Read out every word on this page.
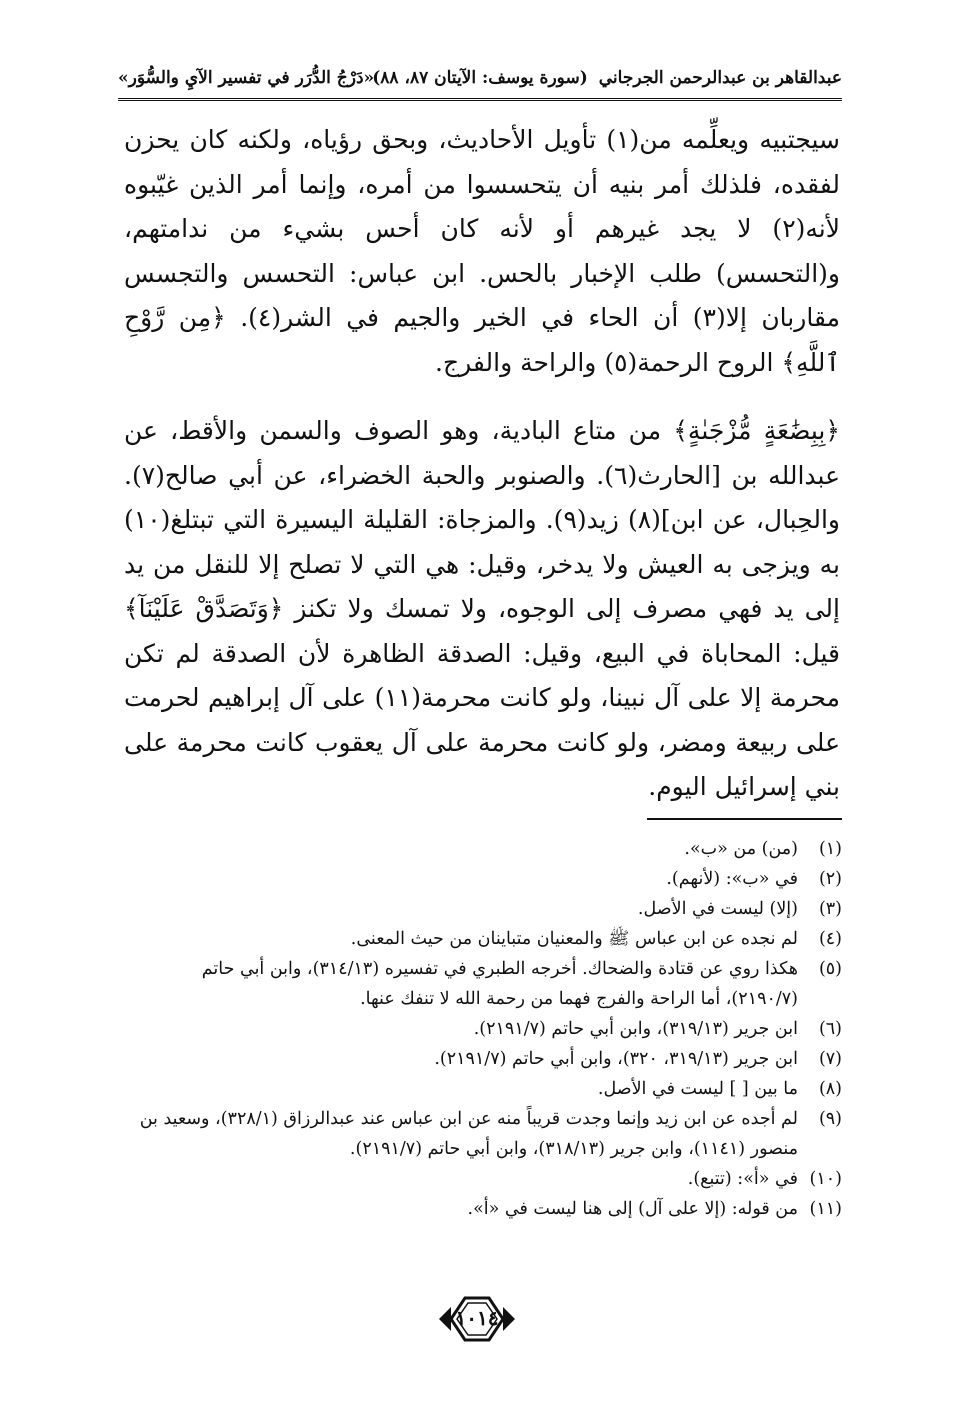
عبدالقاهر بن عبدالرحمن الجرجاني
(سورة يوسف: الآيتان ٨٧، ٨٨)
«دَرْجُ الدُّرَر في تفسير الآيِ والسُّوَر»

سيجتبيه ويعلِّمه من(١) تأويل الأحاديث، وبحق رؤياه، ولكنه كان يحزن لفقده، فلذلك أمر بنيه أن يتحسسوا من أمره، وإنما أمر الذين غيّبوه لأنه(٢) لا يجد غيرهم أو لأنه كان أحس بشيء من ندامتهم، و(التحسس) طلب الإخبار بالحس. ابن عباس: التحسس والتجسس مقاربان إلا(٣) أن الحاء في الخير والجيم في الشر(٤). ﴿مِن رَّوْحِ ٱللَّهِ﴾ الروح الرحمة(٥) والراحة والفرج.

﴿بِبِضَٰعَةٍ مُّزْجَىٰةٍ﴾ من متاع البادية، وهو الصوف والسمن والأقط، عن عبدالله بن [الحارث(٦). والصنوبر والحبة الخضراء، عن أبي صالح(٧). والحِبال، عن ابن](٨) زيد(٩). والمزجاة: القليلة اليسيرة التي تبتلغ(١٠) به ويزجى به العيش ولا يدخر، وقيل: هي التي لا تصلح إلا للنقل من يد إلى يد فهي مصرف إلى الوجوه، ولا تمسك ولا تكنز ﴿وَتَصَدَّقْ عَلَيْنَآ﴾ قيل: المحاباة في البيع، وقيل: الصدقة الظاهرة لأن الصدقة لم تكن محرمة إلا على آل نبينا، ولو كانت محرمة(١١) على آل إبراهيم لحرمت على ربيعة ومضر، ولو كانت محرمة على آل يعقوب كانت محرمة على بني إسرائيل اليوم.

(١)
(من) من «ب».
(٢)
في «ب»: (لأنهم).
(٣)
(إلا) ليست في الأصل.
(٤)
لم نجده عن ابن عباس ﷺ والمعنيان متباينان من حيث المعنى.
(٥)
هكذا روي عن قتادة والضحاك. أخرجه الطبري في تفسيره (٣١٤/١٣)، وابن أبي حاتم (٢١٩٠/٧)، أما الراحة والفرج فهما من رحمة الله لا تنفك عنها.
(٦)
ابن جرير (٣١٩/١٣)، وابن أبي حاتم (٢١٩١/٧).
(٧)
ابن جرير (٣١٩/١٣، ٣٢٠)، وابن أبي حاتم (٢١٩١/٧).
(٨)
ما بين [ ] ليست في الأصل.
(٩)
لم أجده عن ابن زيد وإنما وجدت قريباً منه عن ابن عباس عند عبدالرزاق (٣٢٨/١)، وسعيد بن منصور (١١٤١)، وابن جرير (٣١٨/١٣)، وابن أبي حاتم (٢١٩١/٧).
(١٠)
في «أ»: (تتبع).
(١١)
من قوله: (إلا على آل) إلى هنا ليست في «أ».
١٠١٤
